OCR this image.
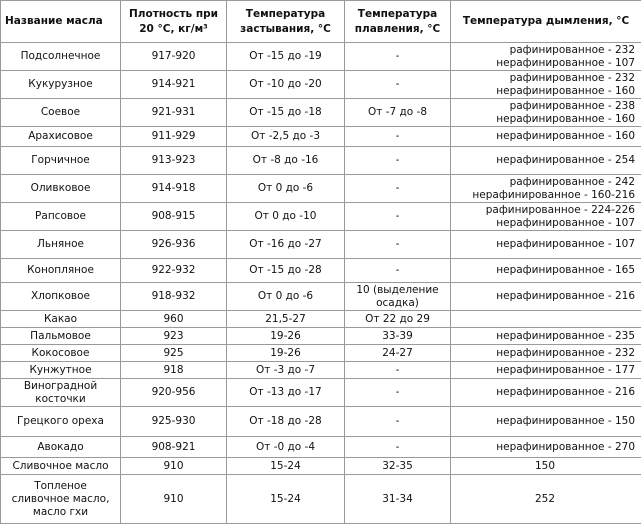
Название масла	Плотность при 20 °С, кг/м³	Температура застывания, °С	Температура плавления, °С	Температура дымления, °С
Подсолнечное	917-920	От -15 до -19	-	рафинированное - 232
нерафинированное - 107

Кукурузное	914-921	От -10 до -20	-	рафинированное - 232
нерафинированное - 160

Соевое	921-931	От -15 до -18	От -7 до -8	рафинированное - 238
нерафинированное - 160

Арахисовое	911-929	От -2,5 до -3	-	нерафинированное - 160
Горчичное	913-923	От -8 до -16	-	нерафинированное - 254
Оливковое	914-918	От 0 до -6	-	рафинированное - 242
нерафинированное - 160-216

Рапсовое	908-915	От 0 до -10	-	рафинированное - 224-226
нерафинированное - 107

Льняное	926-936	От -16 до -27	-	нерафинированное - 107
Конопляное	922-932	От -15 до -28	-	нерафинированное - 165
Хлопковое	918-932	От 0 до -6	10 (выделение осадка)	нерафинированное - 216
Какао	960	21,5-27	От 22 до 29	
Пальмовое	923	19-26	33-39	нерафинированное - 235
Кокосовое	925	19-26	24-27	нерафинированное - 232
Кунжутное	918	От -3 до -7	-	нерафинированное - 177
Виноградной косточки	920-956	От -13 до -17	-	нерафинированное - 216
Грецкого ореха	925-930	От -18 до -28	-	нерафинированное - 150
Авокадо	908-921	От -0 до -4	-	нерафинированное - 270
Сливочное масло	910	15-24	32-35	150
Топленое сливочное масло, масло гхи	910	15-24	31-34	252
